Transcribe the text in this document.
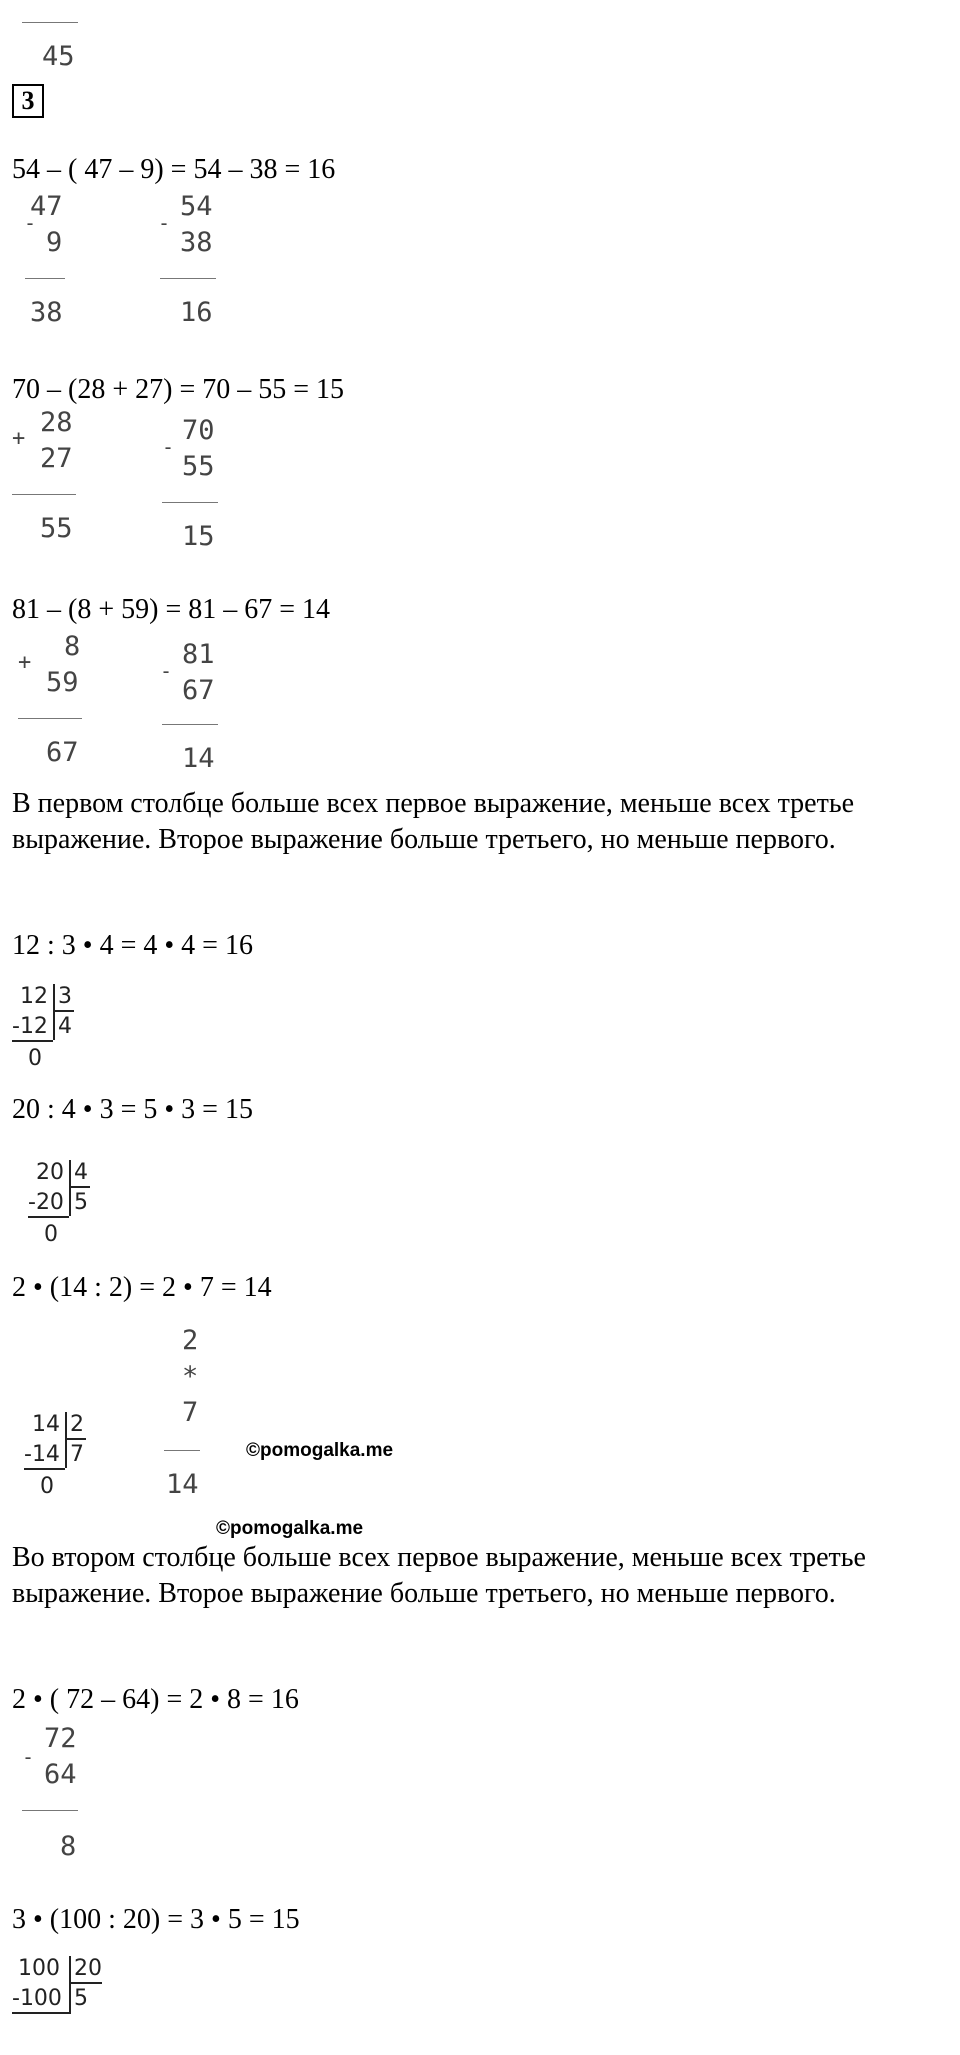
45
3
54 – ( 47 – 9) = 54 – 38 = 16
47
-
9
38
54
-
38
16
70 – (28 + 27) = 70 – 55 = 15
28
+
27
55
70
-
55
15
81 – (8 + 59) = 81 – 67 = 14
8
+
59
67
81
-
67
14
В первом столбце больше всех первое выражение, меньше всех третье выражение. Второе выражение больше третьего, но меньше первого.
12 : 3 • 4 = 4 • 4 = 16
12 3
-12 4
0
20 : 4 • 3 = 5 • 3 = 15
20 4
-20 5
0
2 • (14 : 2) = 2 • 7 = 14
2
*
7
14
14 2
-14 7
0
©pomogalka.me
©pomogalka.me
Во втором столбце больше всех первое выражение, меньше всех третье выражение. Второе выражение больше третьего, но меньше первого.
2 • ( 72 – 64) = 2 • 8 = 16
72
-
64
8
3 • (100 : 20) = 3 • 5 = 15
100 20
-100 5
